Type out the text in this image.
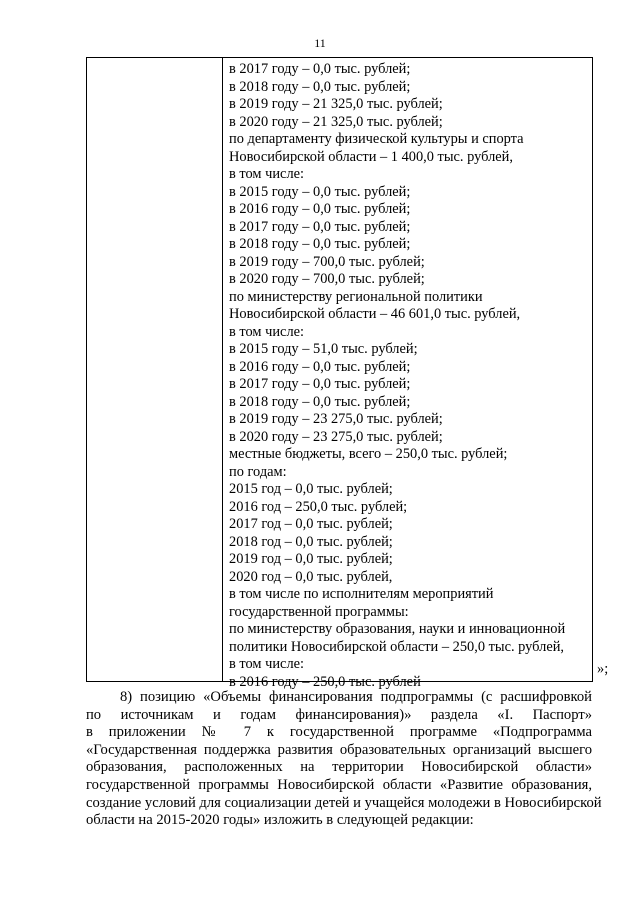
11
в 2017 году – 0,0 тыс. рублей;
в 2018 году – 0,0 тыс. рублей;
в 2019 году – 21 325,0 тыс. рублей;
в 2020 году – 21 325,0 тыс. рублей;
по департаменту физической культуры и спорта
Новосибирской области – 1 400,0 тыс. рублей,
в том числе:
в 2015 году – 0,0 тыс. рублей;
в 2016 году – 0,0 тыс. рублей;
в 2017 году – 0,0 тыс. рублей;
в 2018 году – 0,0 тыс. рублей;
в 2019 году – 700,0 тыс. рублей;
в 2020 году – 700,0 тыс. рублей;
по министерству региональной политики
Новосибирской области – 46 601,0 тыс. рублей,
в том числе:
в 2015 году – 51,0 тыс. рублей;
в 2016 году – 0,0 тыс. рублей;
в 2017 году – 0,0 тыс. рублей;
в 2018 году – 0,0 тыс. рублей;
в 2019 году – 23 275,0 тыс. рублей;
в 2020 году – 23 275,0 тыс. рублей;
местные бюджеты, всего – 250,0 тыс. рублей;
по годам:
2015 год – 0,0 тыс. рублей;
2016 год – 250,0 тыс. рублей;
2017 год – 0,0 тыс. рублей;
2018 год – 0,0 тыс. рублей;
2019 год – 0,0 тыс. рублей;
2020 год – 0,0 тыс. рублей,
в том числе по исполнителям мероприятий
государственной программы:
по министерству образования, науки и инновационной
политики Новосибирской области – 250,0 тыс. рублей,
в том числе:
в 2016 году – 250,0 тыс. рублей
»;
8) позицию «Объемы финансирования подпрограммы (с расшифровкой
по источникам и годам финансирования)» раздела «I. Паспорт»
в приложении № 7 к государственной программе «Подпрограмма
«Государственная поддержка развития образовательных организаций высшего
образования, расположенных на территории Новосибирской области»
государственной программы Новосибирской области «Развитие образования,
создание условий для социализации детей и учащейся молодежи в Новосибирской
области на 2015-2020 годы» изложить в следующей редакции:
